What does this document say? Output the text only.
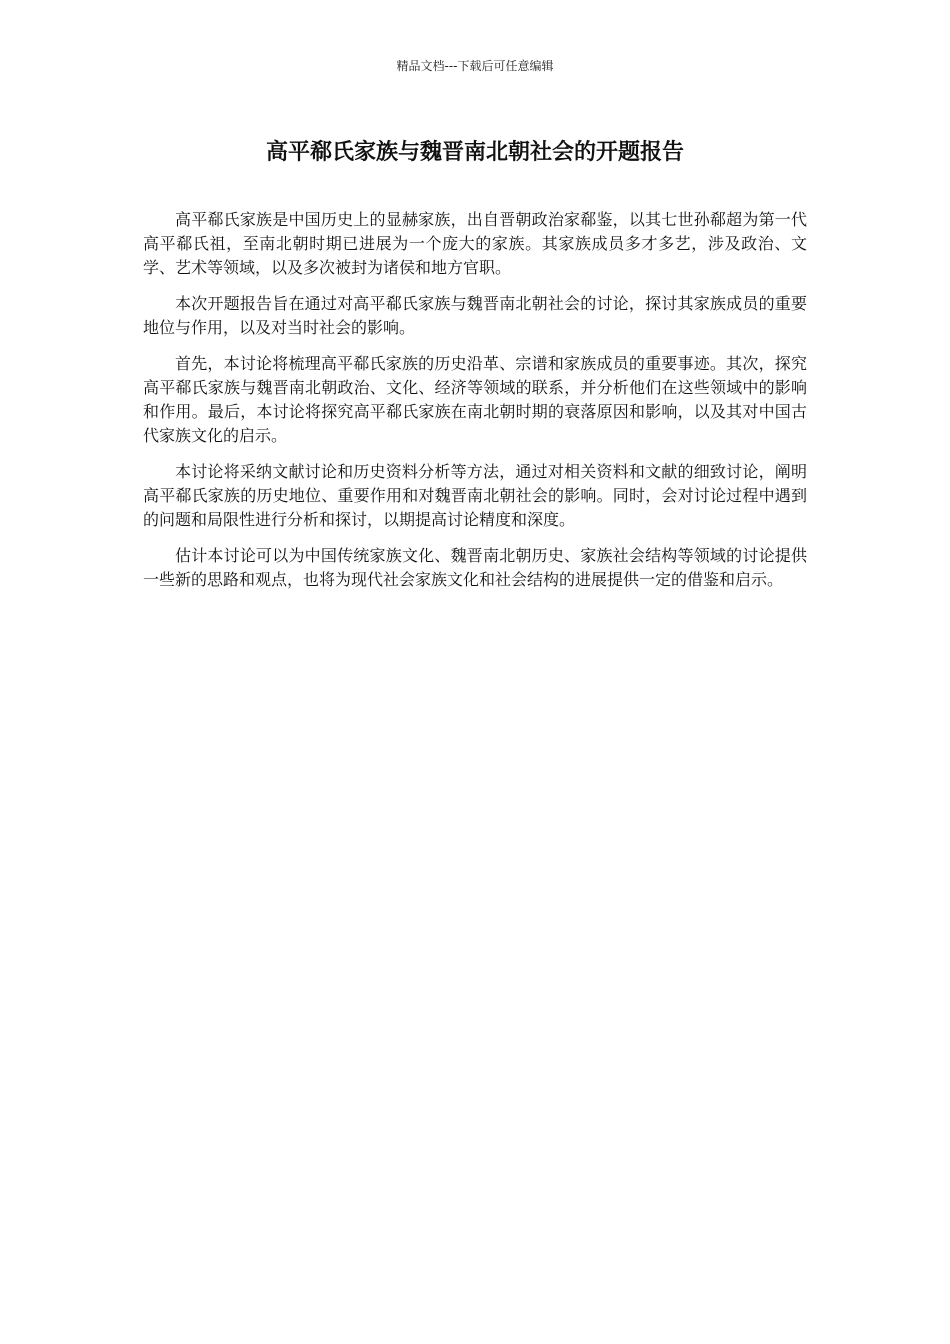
精品文档---下载后可任意编辑
高平郗氏家族与魏晋南北朝社会的开题报告

高平郗氏家族是中国历史上的显赫家族，出自晋朝政治家郗鉴，以其七世孙郗超为第一代高平郗氏祖，至南北朝时期已进展为一个庞大的家族。其家族成员多才多艺，涉及政治、文学、艺术等领域，以及多次被封为诸侯和地方官职。

本次开题报告旨在通过对高平郗氏家族与魏晋南北朝社会的讨论，探讨其家族成员的重要地位与作用，以及对当时社会的影响。

首先，本讨论将梳理高平郗氏家族的历史沿革、宗谱和家族成员的重要事迹。其次，探究高平郗氏家族与魏晋南北朝政治、文化、经济等领域的联系，并分析他们在这些领域中的影响和作用。最后，本讨论将探究高平郗氏家族在南北朝时期的衰落原因和影响，以及其对中国古代家族文化的启示。

本讨论将采纳文献讨论和历史资料分析等方法，通过对相关资料和文献的细致讨论，阐明高平郗氏家族的历史地位、重要作用和对魏晋南北朝社会的影响。同时，会对讨论过程中遇到的问题和局限性进行分析和探讨，以期提高讨论精度和深度。

估计本讨论可以为中国传统家族文化、魏晋南北朝历史、家族社会结构等领域的讨论提供一些新的思路和观点，也将为现代社会家族文化和社会结构的进展提供一定的借鉴和启示。
